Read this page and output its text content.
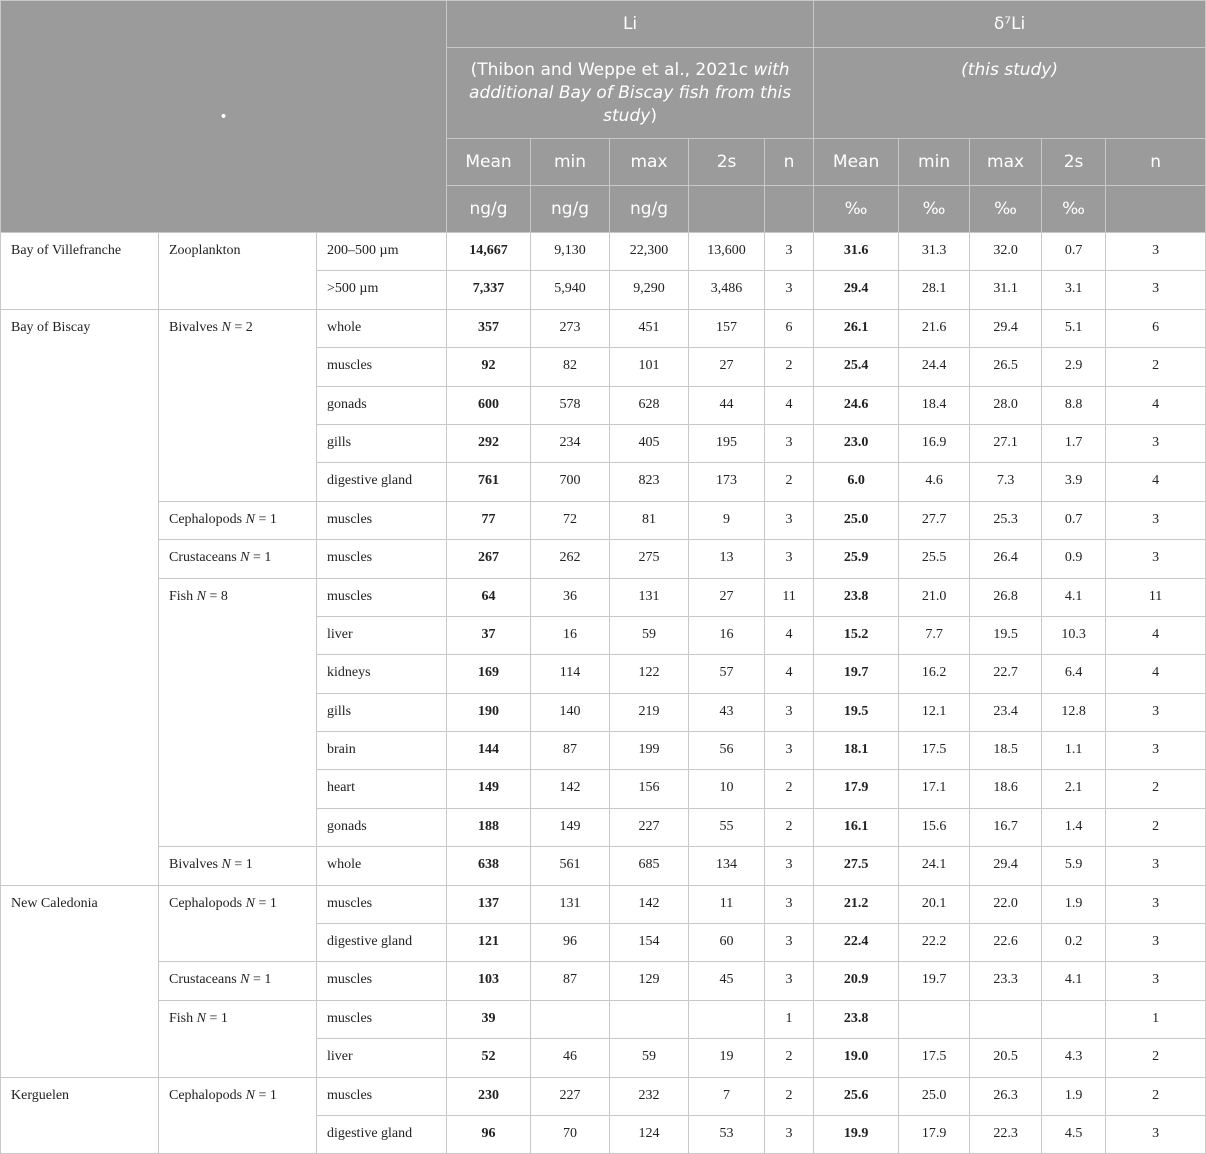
•			Li					δ⁷Li				

			(Thibon and Weppe et al., 2021c with additional Bay of Biscay fish from this study)					(this study)				

			Mean	min	max	2s	n	Mean	min	max	2s	n
			ng/g	ng/g	ng/g			‰	‰	‰	‰	
Bay of Villefranche	Zooplankton	200–500 µm	14,667	9,130	22,300	13,600	3	31.6	31.3	32.0	0.7	3
		>500 µm	7,337	5,940	9,290	3,486	3	29.4	28.1	31.1	3.1	3
Bay of Biscay	Bivalves N = 2	whole	357	273	451	157	6	26.1	21.6	29.4	5.1	6
		muscles	92	82	101	27	2	25.4	24.4	26.5	2.9	2
		gonads	600	578	628	44	4	24.6	18.4	28.0	8.8	4
		gills	292	234	405	195	3	23.0	16.9	27.1	1.7	3
		digestive gland	761	700	823	173	2	6.0	4.6	7.3	3.9	4
	Cephalopods N = 1	muscles	77	72	81	9	3	25.0	27.7	25.3	0.7	3
	Crustaceans N = 1	muscles	267	262	275	13	3	25.9	25.5	26.4	0.9	3
	Fish N = 8	muscles	64	36	131	27	11	23.8	21.0	26.8	4.1	11
		liver	37	16	59	16	4	15.2	7.7	19.5	10.3	4
		kidneys	169	114	122	57	4	19.7	16.2	22.7	6.4	4
		gills	190	140	219	43	3	19.5	12.1	23.4	12.8	3
		brain	144	87	199	56	3	18.1	17.5	18.5	1.1	3
		heart	149	142	156	10	2	17.9	17.1	18.6	2.1	2
		gonads	188	149	227	55	2	16.1	15.6	16.7	1.4	2
	Bivalves N = 1	whole	638	561	685	134	3	27.5	24.1	29.4	5.9	3
New Caledonia	Cephalopods N = 1	muscles	137	131	142	11	3	21.2	20.1	22.0	1.9	3
		digestive gland	121	96	154	60	3	22.4	22.2	22.6	0.2	3
	Crustaceans N = 1	muscles	103	87	129	45	3	20.9	19.7	23.3	4.1	3
	Fish N = 1	muscles	39				1	23.8				1
		liver	52	46	59	19	2	19.0	17.5	20.5	4.3	2
Kerguelen	Cephalopods N = 1	muscles	230	227	232	7	2	25.6	25.0	26.3	1.9	2
		digestive gland	96	70	124	53	3	19.9	17.9	22.3	4.5	3
